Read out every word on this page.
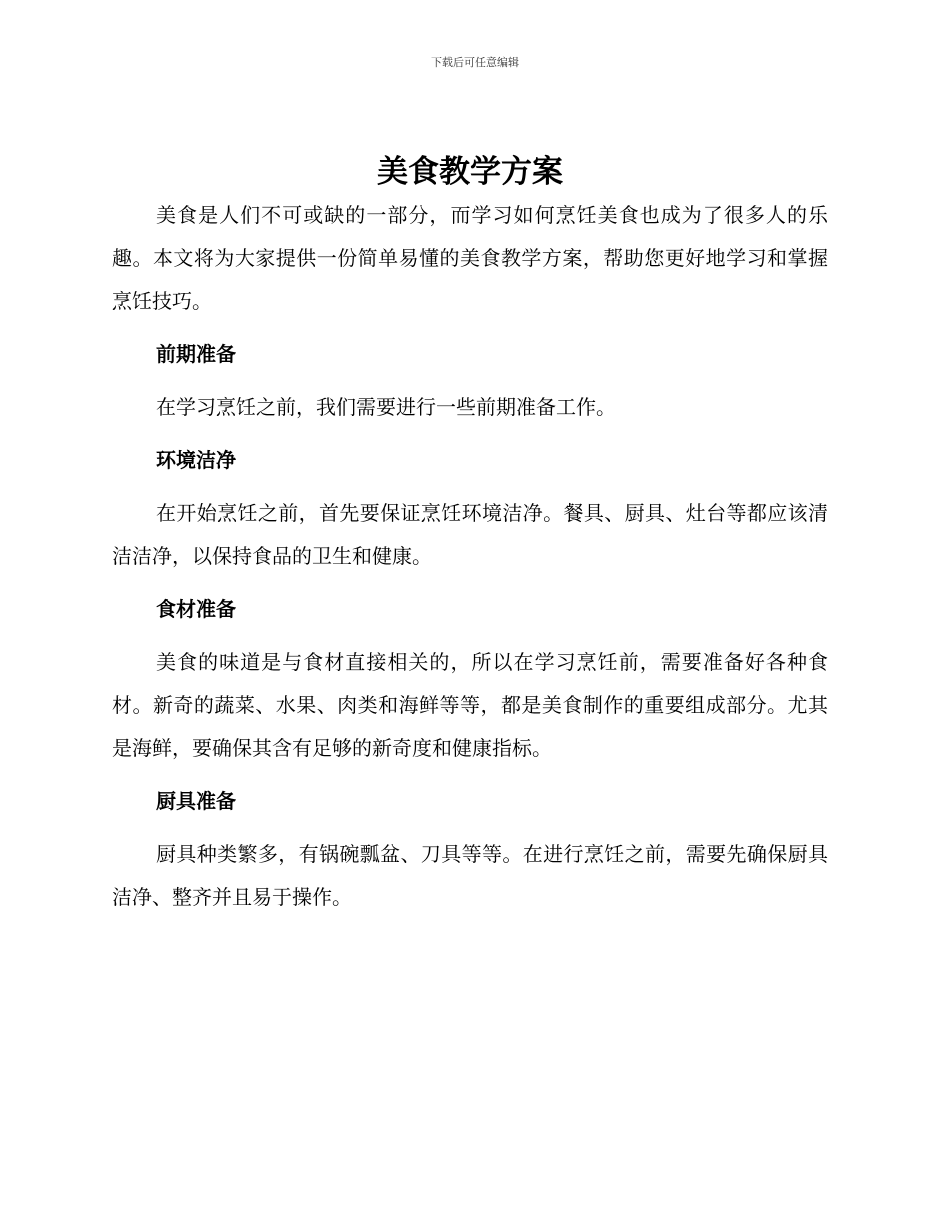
下载后可任意编辑
美食教学方案

美食是人们不可或缺的一部分，而学习如何烹饪美食也成为了很多人的乐趣。本文将为大家提供一份简单易懂的美食教学方案，帮助您更好地学习和掌握烹饪技巧。

前期准备

在学习烹饪之前，我们需要进行一些前期准备工作。

环境洁净

在开始烹饪之前，首先要保证烹饪环境洁净。餐具、厨具、灶台等都应该清洁洁净，以保持食品的卫生和健康。

食材准备

美食的味道是与食材直接相关的，所以在学习烹饪前，需要准备好各种食材。新奇的蔬菜、水果、肉类和海鲜等等，都是美食制作的重要组成部分。尤其是海鲜，要确保其含有足够的新奇度和健康指标。

厨具准备

厨具种类繁多，有锅碗瓢盆、刀具等等。在进行烹饪之前，需要先确保厨具洁净、整齐并且易于操作。
